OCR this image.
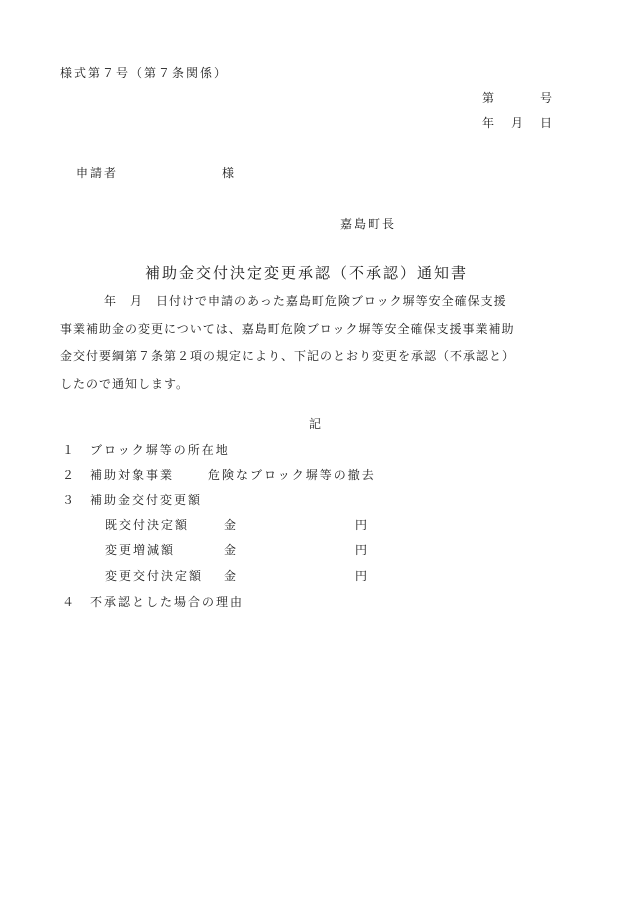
様式第７号（第７条関係）
第	号
年 月 日
申請者	様
嘉島町長
補助金交付決定変更承認（不承認）通知書
年　月　日付けで申請のあった嘉島町危険ブロック塀等安全確保支援
事業補助金の変更については、嘉島町危険ブロック塀等安全確保支援事業補助
金交付要綱第７条第２項の規定により、下記のとおり変更を承認（不承認と）
したので通知します。
記
１ ブロック塀等の所在地
２ 補助対象事業	危険なブロック塀等の撤去
３ 補助金交付変更額
既交付決定額	金	円
変更増減額	金	円
変更交付決定額 金	円
４ 不承認とした場合の理由
